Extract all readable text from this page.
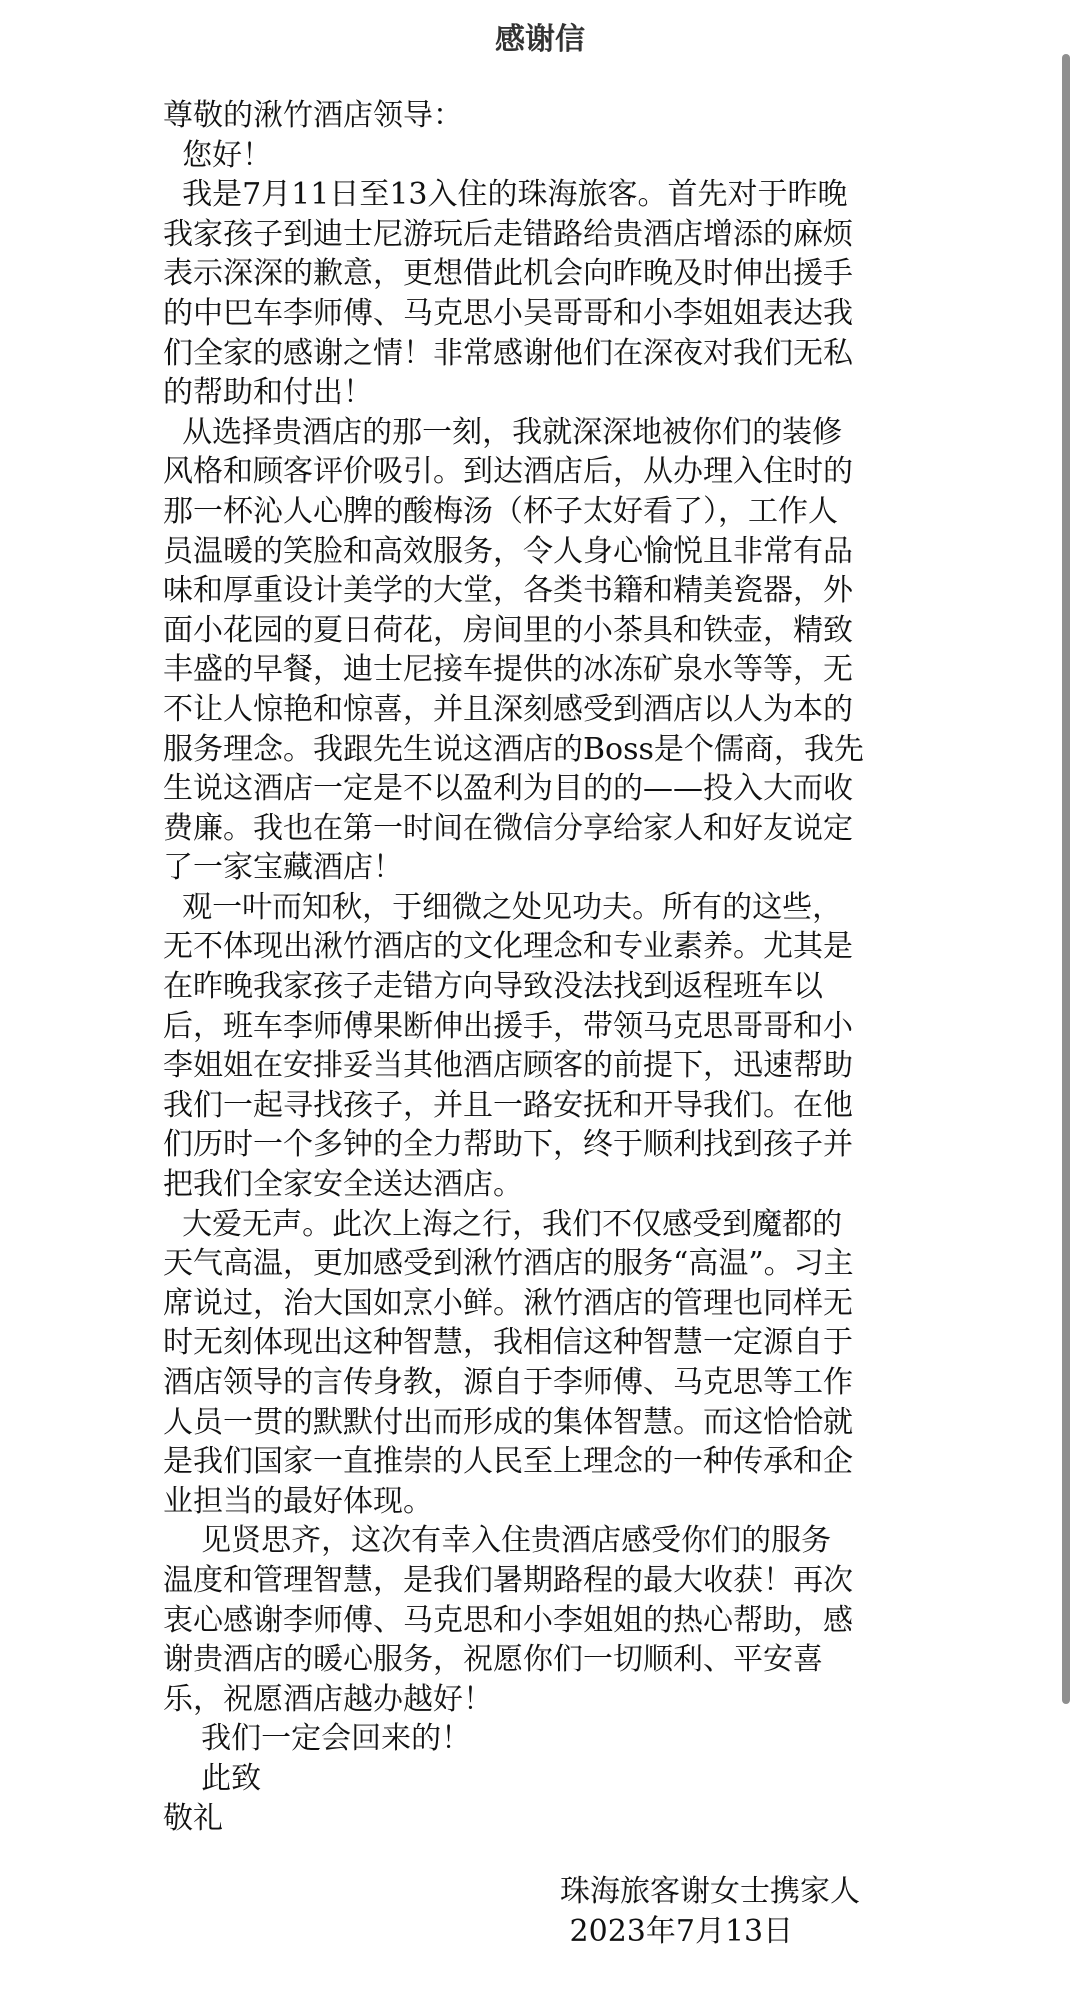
感谢信
尊敬的湫竹酒店领导：
您好！
我是7月11日至13入住的珠海旅客。首先对于昨晚
我家孩子到迪士尼游玩后走错路给贵酒店增添的麻烦
表示深深的歉意，更想借此机会向昨晚及时伸出援手
的中巴车李师傅、马克思小吴哥哥和小李姐姐表达我
们全家的感谢之情！非常感谢他们在深夜对我们无私
的帮助和付出！
从选择贵酒店的那一刻，我就深深地被你们的装修
风格和顾客评价吸引。到达酒店后，从办理入住时的
那一杯沁人心脾的酸梅汤（杯子太好看了），工作人
员温暖的笑脸和高效服务，令人身心愉悦且非常有品
味和厚重设计美学的大堂，各类书籍和精美瓷器，外
面小花园的夏日荷花，房间里的小茶具和铁壶，精致
丰盛的早餐，迪士尼接车提供的冰冻矿泉水等等，无
不让人惊艳和惊喜，并且深刻感受到酒店以人为本的
服务理念。我跟先生说这酒店的Boss是个儒商，我先
生说这酒店一定是不以盈利为目的的——投入大而收
费廉。我也在第一时间在微信分享给家人和好友说定
了一家宝藏酒店！
观一叶而知秋，于细微之处见功夫。所有的这些，
无不体现出湫竹酒店的文化理念和专业素养。尤其是
在昨晚我家孩子走错方向导致没法找到返程班车以
后，班车李师傅果断伸出援手，带领马克思哥哥和小
李姐姐在安排妥当其他酒店顾客的前提下，迅速帮助
我们一起寻找孩子，并且一路安抚和开导我们。在他
们历时一个多钟的全力帮助下，终于顺利找到孩子并
把我们全家安全送达酒店。
大爱无声。此次上海之行，我们不仅感受到魔都的
天气高温，更加感受到湫竹酒店的服务“高温”。习主
席说过，治大国如烹小鲜。湫竹酒店的管理也同样无
时无刻体现出这种智慧，我相信这种智慧一定源自于
酒店领导的言传身教，源自于李师傅、马克思等工作
人员一贯的默默付出而形成的集体智慧。而这恰恰就
是我们国家一直推崇的人民至上理念的一种传承和企
业担当的最好体现。
见贤思齐，这次有幸入住贵酒店感受你们的服务
温度和管理智慧，是我们暑期路程的最大收获！再次
衷心感谢李师傅、马克思和小李姐姐的热心帮助，感
谢贵酒店的暖心服务，祝愿你们一切顺利、平安喜
乐，祝愿酒店越办越好！
我们一定会回来的！
此致
敬礼
珠海旅客谢女士携家人
2023年7月13日
